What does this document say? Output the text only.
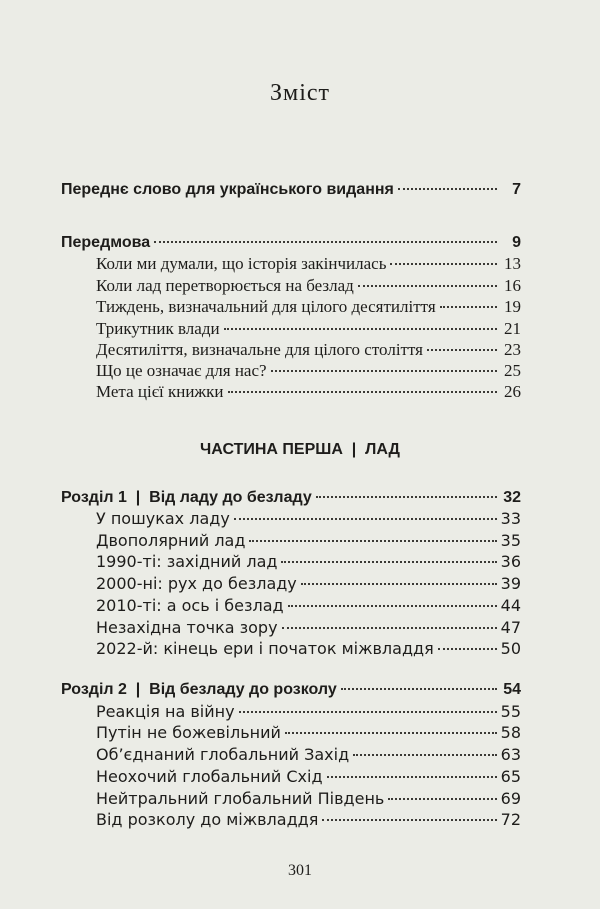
Зміст
Переднє слово для українського видання	7
Передмова	9
Коли ми думали, що історія закінчилась	13
Коли лад перетворюється на безлад	16
Тиждень, визначальний для цілого десятиліття	19
Трикутник влади	21
Десятиліття, визначальне для цілого століття	23
Що це означає для нас?	25
Мета цієї книжки	26
ЧАСТИНА ПЕРША  |  ЛАД
Розділ 1  |  Від ладу до безладу	32
У пошуках ладу	33
Двополярний лад	35
1990-ті: західний лад	36
2000-ні: рух до безладу	39
2010-ті: а ось і безлад	44
Незахідна точка зору	47
2022-й: кінець ери і початок міжвладдя	50
Розділ 2  |  Від безладу до розколу	54
Реакція на війну	55
Путін не божевільний	58
Об’єднаний глобальний Захід	63
Неохочий глобальний Схід	65
Нейтральний глобальний Південь	69
Від розколу до міжвладдя	72
301
